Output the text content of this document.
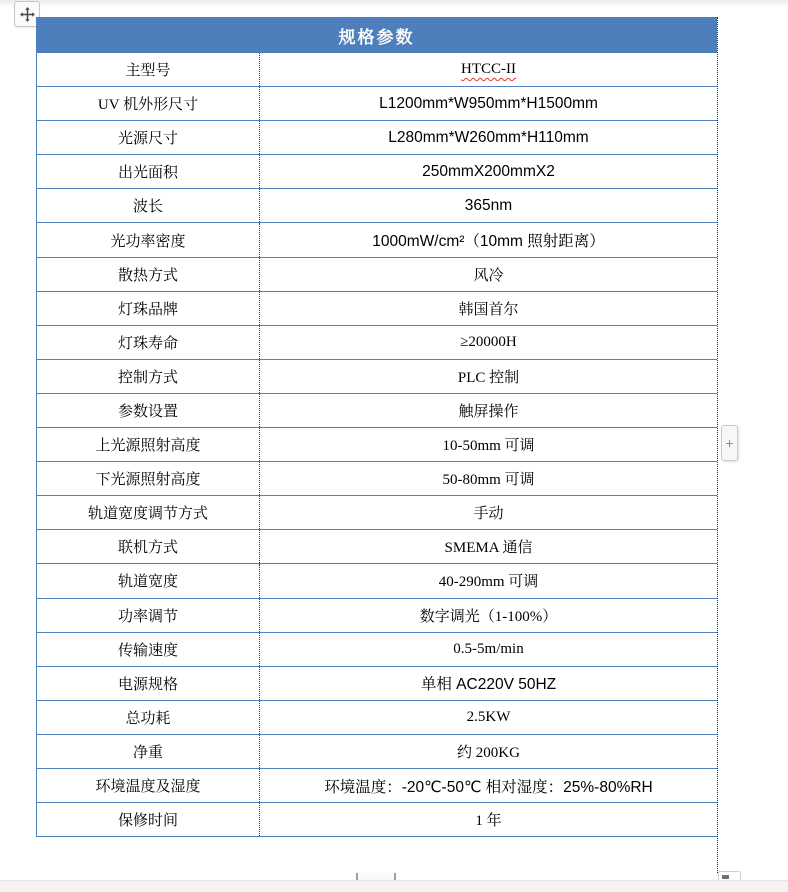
规格参数
主型号	HTCC-II
UV 机外形尺寸	L1200mm*W950mm*H1500mm
光源尺寸	L280mm*W260mm*H110mm
出光面积	250mmX200mmX2
波长	365nm
光功率密度	1000mW/cm²（10mm 照射距离）
散热方式	风冷
灯珠品牌	韩国首尔
灯珠寿命	≥20000H
控制方式	PLC 控制
参数设置	触屏操作
上光源照射高度	10-50mm 可调
下光源照射高度	50-80mm 可调
轨道宽度调节方式	手动
联机方式	SMEMA 通信
轨道宽度	40-290mm 可调
功率调节	数字调光（1-100%）
传输速度	0.5-5m/min
电源规格	单相 AC220V 50HZ
总功耗	2.5KW
净重	约 200KG
环境温度及湿度	环境温度：-20℃-50℃ 相对湿度：25%-80%RH
保修时间	1 年
+
